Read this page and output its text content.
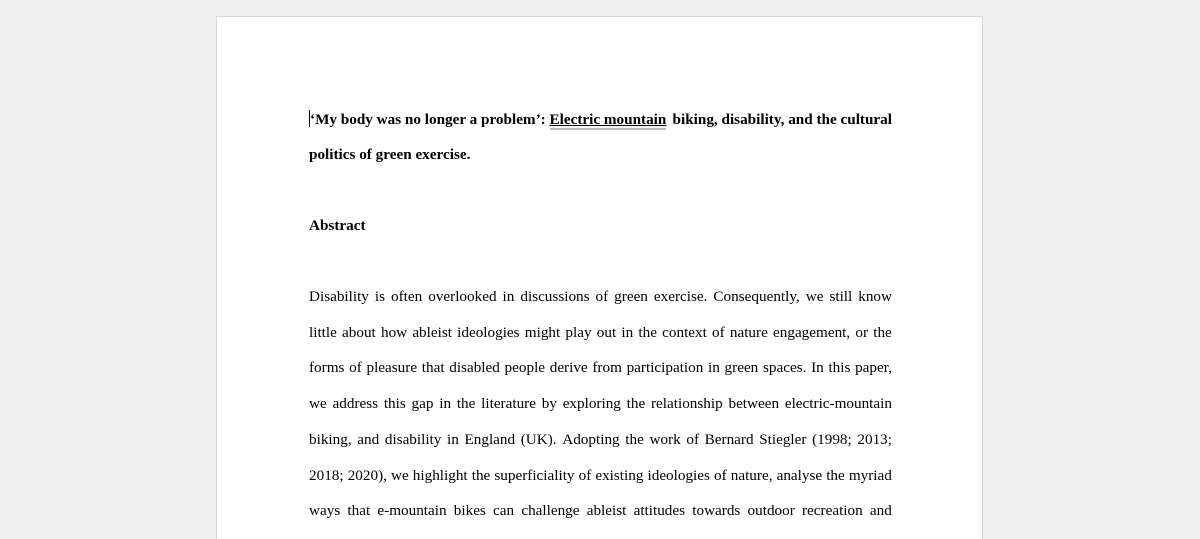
‘My body was no longer a problem’: Electric mountain biking, disability, and the cultural
politics of green exercise.
Abstract
Disability is often overlooked in discussions of green exercise. Consequently, we still know
little about how ableist ideologies might play out in the context of nature engagement, or the
forms of pleasure that disabled people derive from participation in green spaces. In this paper,
we address this gap in the literature by exploring the relationship between electric-mountain
biking, and disability in England (UK). Adopting the work of Bernard Stiegler (1998; 2013;
2018; 2020), we highlight the superficiality of existing ideologies of nature, analyse the myriad
ways that e-mountain bikes can challenge ableist attitudes towards outdoor recreation and
